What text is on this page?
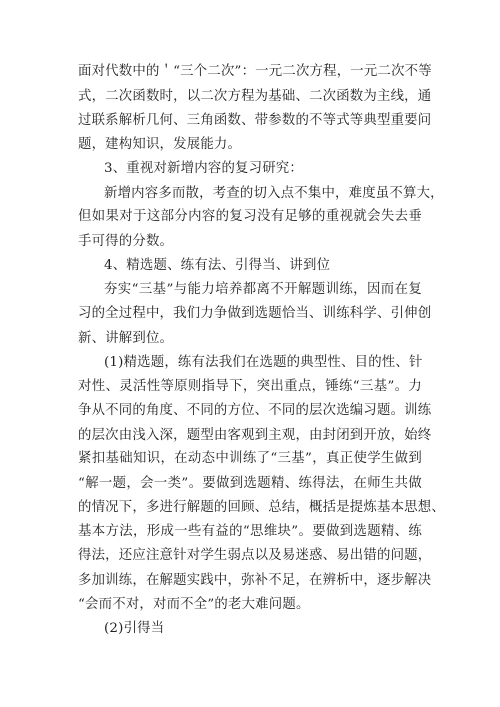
面对代数中的＇“三个二次”：一元二次方程，一元二次不等
式，二次函数时，以二次方程为基础、二次函数为主线，通
过联系解析几何、三角函数、带参数的不等式等典型重要问
题，建构知识，发展能力。
3、重视对新增内容的复习研究：
新增内容多而散，考查的切入点不集中，难度虽不算大，
但如果对于这部分内容的复习没有足够的重视就会失去垂
手可得的分数。
4、精选题、练有法、引得当、讲到位
夯实“三基”与能力培养都离不开解题训练，因而在复
习的全过程中，我们力争做到选题恰当、训练科学、引伸创
新、讲解到位。
(1)精选题，练有法我们在选题的典型性、目的性、针
对性、灵活性等原则指导下，突出重点，锤练“三基”。力
争从不同的角度、不同的方位、不同的层次选编习题。训练
的层次由浅入深，题型由客观到主观，由封闭到开放，始终
紧扣基础知识，在动态中训练了“三基”，真正使学生做到
“解一题，会一类”。要做到选题精、练得法，在师生共做
的情况下，多进行解题的回顾、总结，概括是提炼基本思想、
基本方法，形成一些有益的“思维块”。要做到选题精、练
得法，还应注意针对学生弱点以及易迷惑、易出错的问题，
多加训练，在解题实践中，弥补不足，在辨析中，逐步解决
“会而不对，对而不全”的老大难问题。
(2)引得当
